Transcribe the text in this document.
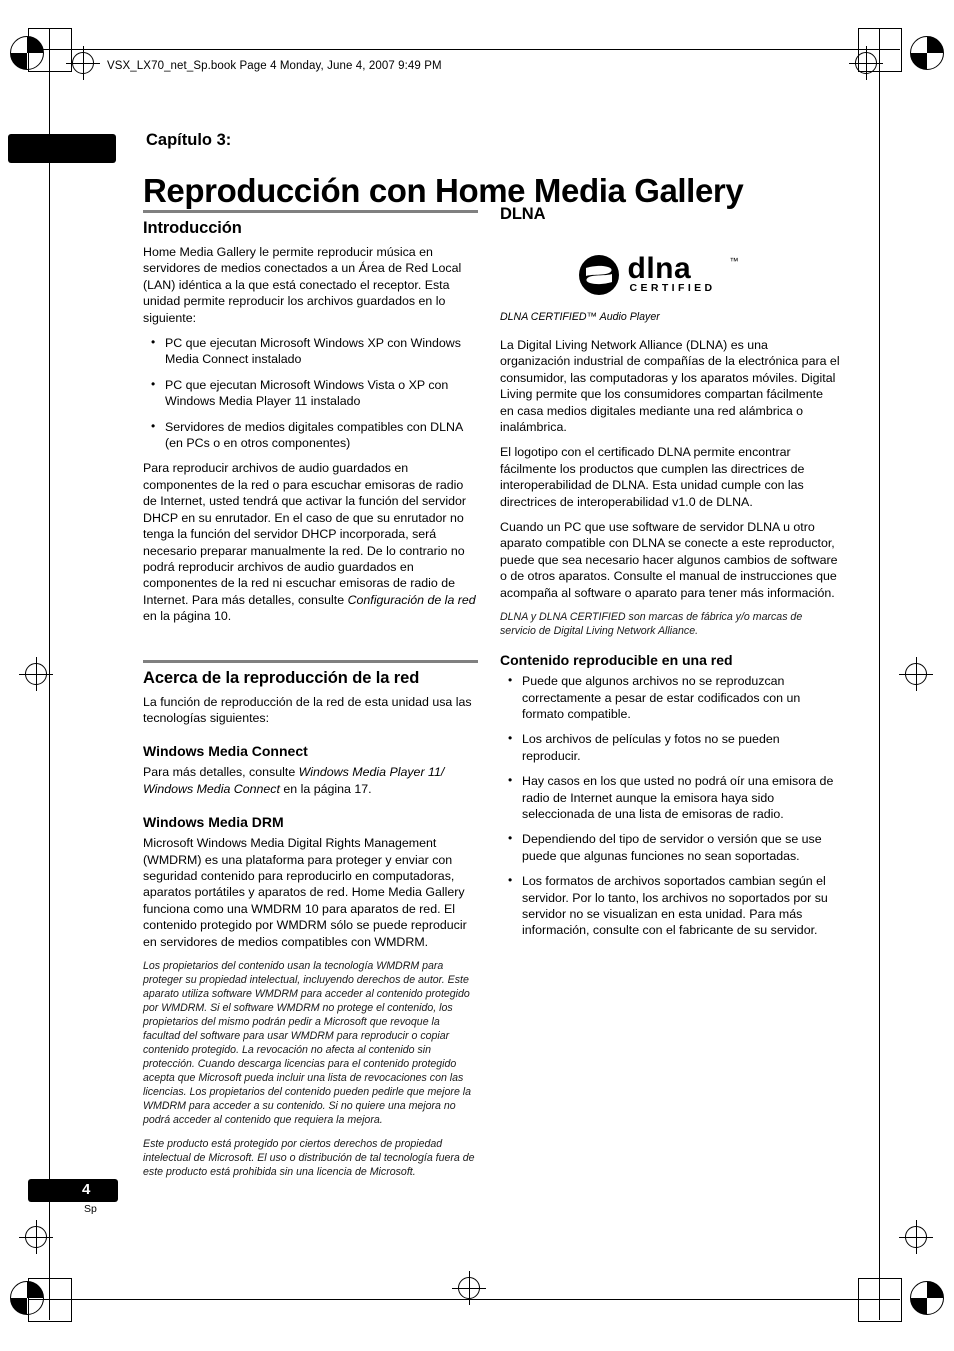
VSX_LX70_net_Sp.book Page 4 Monday, June 4, 2007 9:49 PM
03
Capítulo 3:
Reproducción con Home Media Gallery
Introducción

Home Media Gallery le permite reproducir música en servidores de medios conectados a un Área de Red Local (LAN) idéntica a la que está conectado el receptor. Esta unidad permite reproducir los archivos guardados en lo siguiente:

• PC que ejecutan Microsoft Windows XP con Windows Media Connect instalado
• PC que ejecutan Microsoft Windows Vista o XP con Windows Media Player 11 instalado
• Servidores de medios digitales compatibles con DLNA (en PCs o en otros componentes)

Para reproducir archivos de audio guardados en componentes de la red o para escuchar emisoras de radio de Internet, usted tendrá que activar la función del servidor DHCP en su enrutador. En el caso de que su enrutador no tenga la función del servidor DHCP incorporada, será necesario preparar manualmente la red. De lo contrario no podrá reproducir archivos de audio guardados en componentes de la red ni escuchar emisoras de radio de Internet. Para más detalles, consulte Configuración de la red en la página 10.

Acerca de la reproducción de la red

La función de reproducción de la red de esta unidad usa las tecnologías siguientes:

Windows Media Connect

Para más detalles, consulte Windows Media Player 11/ Windows Media Connect en la página 17.

Windows Media DRM

Microsoft Windows Media Digital Rights Management (WMDRM) es una plataforma para proteger y enviar con seguridad contenido para reproducirlo en computadoras, aparatos portátiles y aparatos de red. Home Media Gallery funciona como una WMDRM 10 para aparatos de red. El contenido protegido por WMDRM sólo se puede reproducir en servidores de medios compatibles con WMDRM.

Los propietarios del contenido usan la tecnología WMDRM para proteger su propiedad intelectual, incluyendo derechos de autor. Este aparato utiliza software WMDRM para acceder al contenido protegido por WMDRM. Si el software WMDRM no protege el contenido, los propietarios del mismo podrán pedir a Microsoft que revoque la facultad del software para usar WMDRM para reproducir o copiar contenido protegido. La revocación no afecta al contenido sin protección. Cuando descarga licencias para el contenido protegido acepta que Microsoft pueda incluir una lista de revocaciones con las licencias. Los propietarios del contenido pueden pedirle que mejore la WMDRM para acceder a su contenido. Si no quiere una mejora no podrá acceder al contenido que requiera la mejora.

Este producto está protegido por ciertos derechos de propiedad intelectual de Microsoft. El uso o distribución de tal tecnología fuera de este producto está prohibida sin una licencia de Microsoft.

DLNA
dlna	™
CERTIFIED
DLNA CERTIFIED™ Audio Player

La Digital Living Network Alliance (DLNA) es una organización industrial de compañías de la electrónica para el consumidor, las computadoras y los aparatos móviles. Digital Living permite que los consumidores compartan fácilmente en casa medios digitales mediante una red alámbrica o inalámbrica.

El logotipo con el certificado DLNA permite encontrar fácilmente los productos que cumplen las directrices de interoperabilidad de DLNA. Esta unidad cumple con las directrices de interoperabilidad v1.0 de DLNA.

Cuando un PC que use software de servidor DLNA u otro aparato compatible con DLNA se conecte a este reproductor, puede que sea necesario hacer algunos cambios de software o de otros aparatos. Consulte el manual de instrucciones que acompaña al software o aparato para tener más información.

DLNA y DLNA CERTIFIED son marcas de fábrica y/o marcas de servicio de Digital Living Network Alliance.

Contenido reproducible en una red
• Puede que algunos archivos no se reproduzcan correctamente a pesar de estar codificados con un formato compatible.
• Los archivos de películas y fotos no se pueden reproducir.
• Hay casos en los que usted no podrá oír una emisora de radio de Internet aunque la emisora haya sido seleccionada de una lista de emisoras de radio.
• Dependiendo del tipo de servidor o versión que se use puede que algunas funciones no sean soportadas.
• Los formatos de archivos soportados cambian según el servidor. Por lo tanto, los archivos no soportados por su servidor no se visualizan en esta unidad. Para más información, consulte con el fabricante de su servidor.
4
Sp
